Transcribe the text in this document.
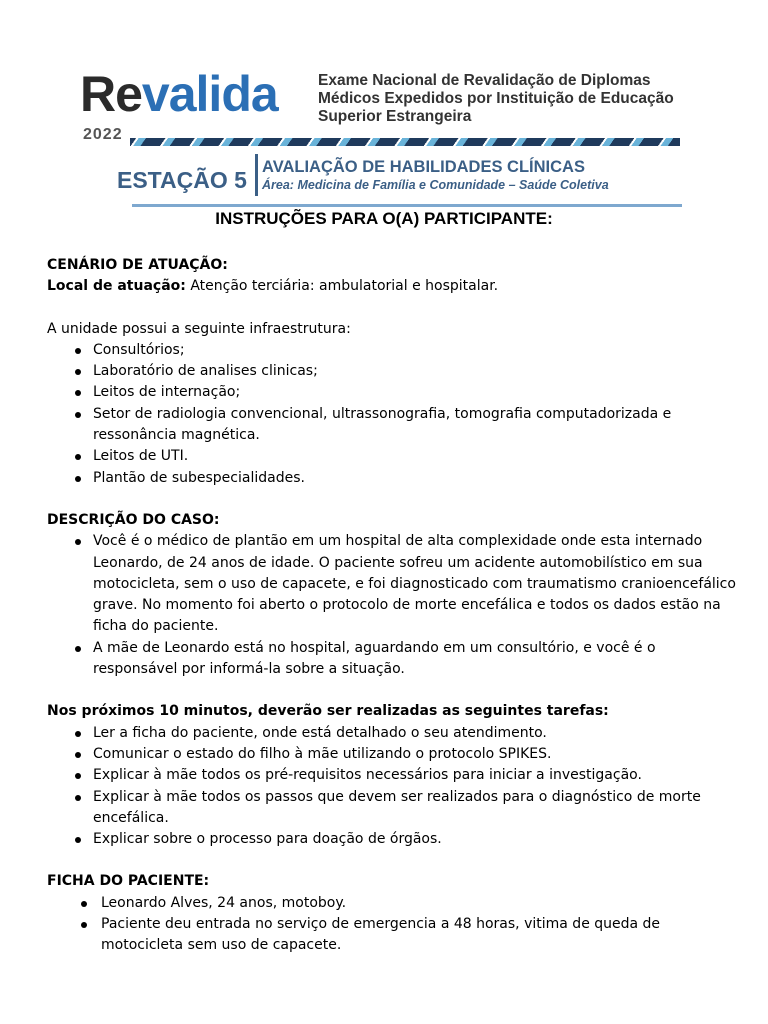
Revalida
2022
Exame Nacional de Revalidação de Diplomas
Médicos Expedidos por Instituição de Educação
Superior Estrangeira
ESTAÇÃO 5 AVALIAÇÃO DE HABILIDADES CLÍNICAS
Área: Medicina de Família e Comunidade – Saúde Coletiva
INSTRUÇÕES PARA O(A) PARTICIPANTE:

CENÁRIO DE ATUAÇÃO:

Local de atuação: Atenção terciária: ambulatorial e hospitalar.

A unidade possui a seguinte infraestrutura:

Consultórios;
Laboratório de analises clinicas;
Leitos de internação;
Setor de radiologia convencional, ultrassonografia, tomografia computadorizada e ressonância magnética.
Leitos de UTI.
Plantão de subespecialidades.

DESCRIÇÃO DO CASO:

Você é o médico de plantão em um hospital de alta complexidade onde esta internado Leonardo, de 24 anos de idade. O paciente sofreu um acidente automobilístico em sua motocicleta, sem o uso de capacete, e foi diagnosticado com traumatismo cranioencefálico grave. No momento foi aberto o protocolo de morte encefálica e todos os dados estão na ficha do paciente.
A mãe de Leonardo está no hospital, aguardando em um consultório, e você é o responsável por informá-la sobre a situação.

Nos próximos 10 minutos, deverão ser realizadas as seguintes tarefas:

Ler a ficha do paciente, onde está detalhado o seu atendimento.
Comunicar o estado do filho à mãe utilizando o protocolo SPIKES.
Explicar à mãe todos os pré-requisitos necessários para iniciar a investigação.
Explicar à mãe todos os passos que devem ser realizados para o diagnóstico de morte encefálica.
Explicar sobre o processo para doação de órgãos.

FICHA DO PACIENTE:

Leonardo Alves, 24 anos, motoboy.
Paciente deu entrada no serviço de emergencia a 48 horas, vitima de queda de motocicleta sem uso de capacete.
